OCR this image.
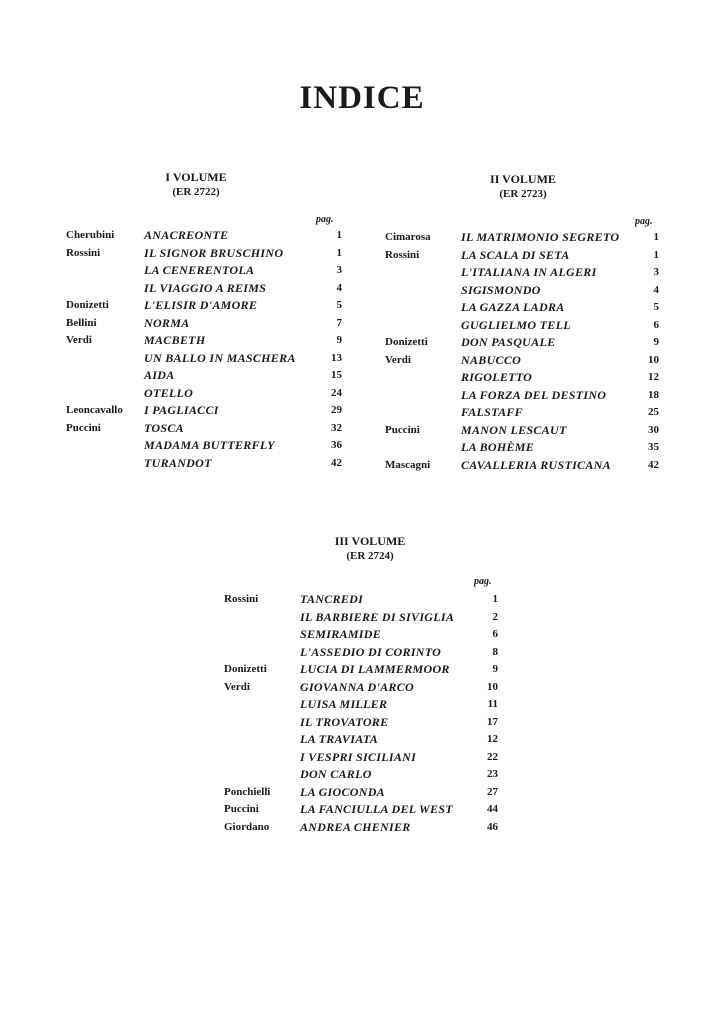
INDICE
I VOLUME
(ER 2722)
pag.
Cherubini ANACREONTE	1
Rossini	IL SIGNOR BRUSCHINO	1
LA CENERENTOLA	3
IL VIAGGIO A REIMS	4
Donizetti	L'ELISIR D'AMORE	5
Bellini	NORMA	7
Verdi	MACBETH	9
UN BALLO IN MASCHERA	13
AIDA	15
OTELLO	24
Leoncavallo I PAGLIACCI	29
Puccini	TOSCA	32
MADAMA BUTTERFLY	36
TURANDOT	42
II VOLUME
(ER 2723)
pag.
Cimarosa	IL MATRIMONIO SEGRETO	1
Rossini	LA SCALA DI SETA	1
L'ITALIANA IN ALGERI	3
SIGISMONDO	4
LA GAZZA LADRA	5
GUGLIELMO TELL	6
Donizetti	DON PASQUALE	9
Verdi	NABUCCO	10
RIGOLETTO	12
LA FORZA DEL DESTINO	18
FALSTAFF	25
Puccini	MANON LESCAUT	30
LA BOHÈME	35
Mascagni	CAVALLERIA RUSTICANA	42
III VOLUME
(ER 2724)
pag.
Rossini	TANCREDI	1
IL BARBIERE DI SIVIGLIA	2
SEMIRAMIDE	6
L'ASSEDIO DI CORINTO	8
Donizetti	LUCIA DI LAMMERMOOR	9
Verdi	GIOVANNA D'ARCO	10
LUISA MILLER	11
IL TROVATORE	17
LA TRAVIATA	12
I VESPRI SICILIANI	22
DON CARLO	23
Ponchielli LA GIOCONDA	27
Puccini	LA FANCIULLA DEL WEST	44
Giordano	ANDREA CHENIER	46
